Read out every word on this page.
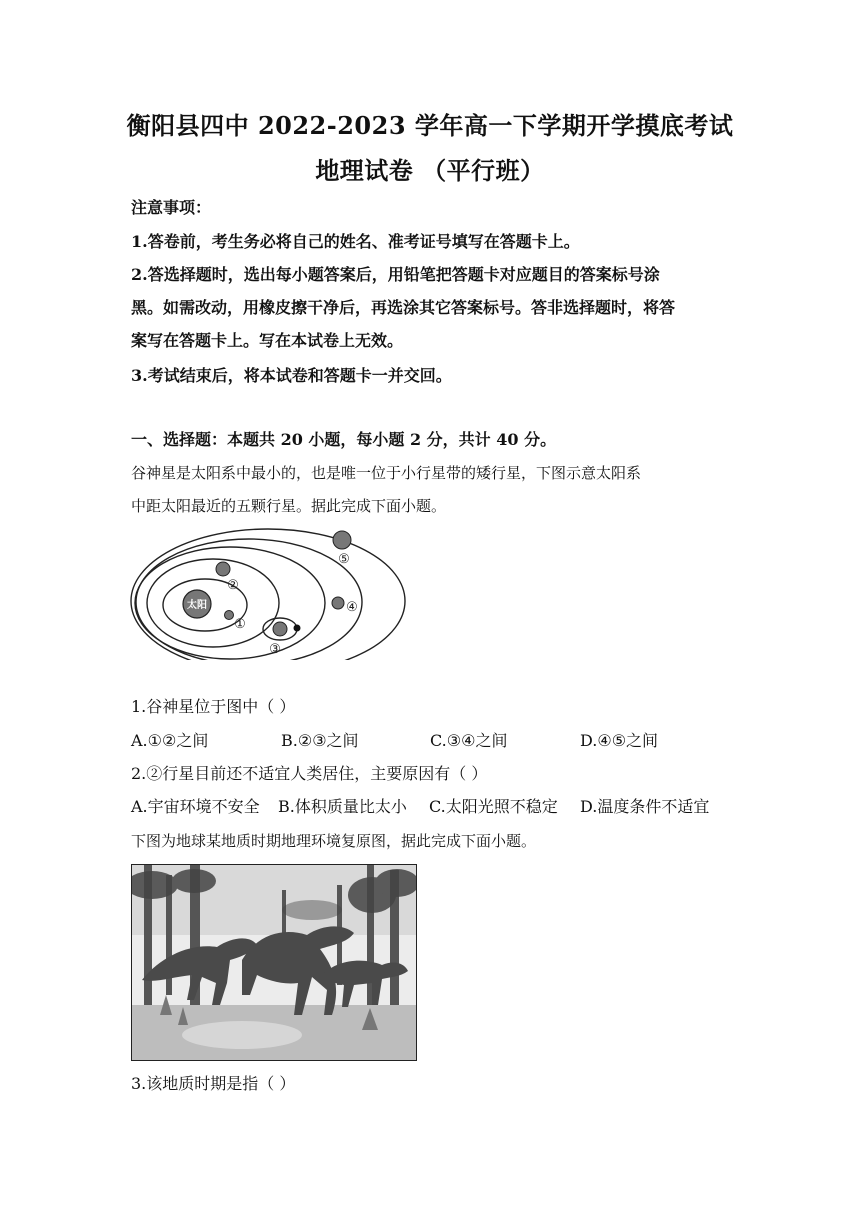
衡阳县四中 2022-2023 学年高一下学期开学摸底考试
地理试卷 （平行班）
注意事项：
1.答卷前，考生务必将自己的姓名、准考证号填写在答题卡上。
2.答选择题时，选出每小题答案后，用铅笔把答题卡对应题目的答案标号涂
黑。如需改动，用橡皮擦干净后，再选涂其它答案标号。答非选择题时，将答
案写在答题卡上。写在本试卷上无效。
3.考试结束后，将本试卷和答题卡一并交回。
一、选择题：本题共 20 小题，每小题 2 分，共计 40 分。
谷神星是太阳系中最小的，也是唯一位于小行星带的矮行星，下图示意太阳系
中距太阳最近的五颗行星。据此完成下面小题。
太阳
①
②
③
④
⑤
1.谷神星位于图中（ ）
A.①②之间	B.②③之间	C.③④之间	D.④⑤之间
2.②行星目前还不适宜人类居住，主要原因有（ ）
A.宇宙环境不安全 B.体积质量比太小 C.太阳光照不稳定 D.温度条件不适宜
下图为地球某地质时期地理环境复原图，据此完成下面小题。
3.该地质时期是指（ ）
